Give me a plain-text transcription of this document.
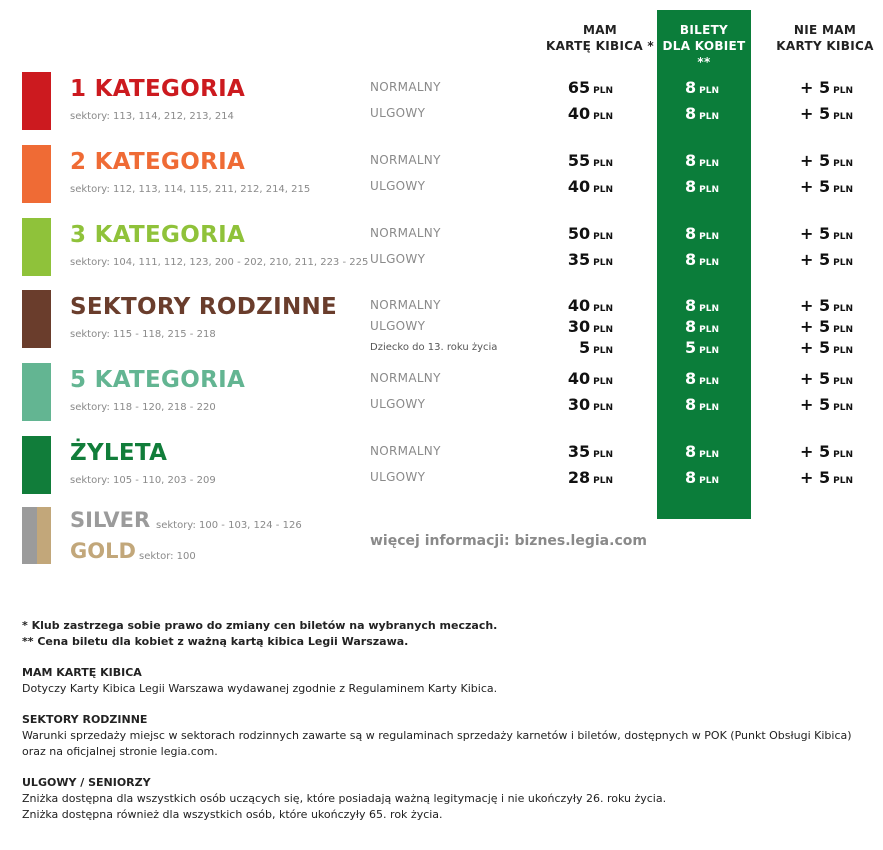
MAM
KARTĘ KIBICA *
BILETY
DLA KOBIET **
NIE MAM
KARTY KIBICA
1 KATEGORIA
sektory: 113, 114, 212, 213, 214
NORMALNY	65 PLN	8 PLN	+ 5 PLN
ULGOWY	40 PLN	8 PLN	+ 5 PLN
2 KATEGORIA
sektory: 112, 113, 114, 115, 211, 212, 214, 215
NORMALNY	55 PLN	8 PLN	+ 5 PLN
ULGOWY	40 PLN	8 PLN	+ 5 PLN
3 KATEGORIA
sektory: 104, 111, 112, 123, 200 - 202, 210, 211, 223 - 225
NORMALNY	50 PLN	8 PLN	+ 5 PLN
ULGOWY	35 PLN	8 PLN	+ 5 PLN
SEKTORY RODZINNE
sektory: 115 - 118, 215 - 218
NORMALNY	40 PLN	8 PLN	+ 5 PLN
ULGOWY	30 PLN	8 PLN	+ 5 PLN
Dziecko do 13. roku życia	5 PLN	5 PLN	+ 5 PLN
5 KATEGORIA
sektory: 118 - 120, 218 - 220
NORMALNY	40 PLN	8 PLN	+ 5 PLN
ULGOWY	30 PLN	8 PLN	+ 5 PLN
ŻYLETA
sektory: 105 - 110, 203 - 209
NORMALNY	35 PLN	8 PLN	+ 5 PLN
ULGOWY	28 PLN	8 PLN	+ 5 PLN
SILVER sektory: 100 - 103, 124 - 126
GOLD sektor: 100
więcej informacji: biznes.legia.com
* Klub zastrzega sobie prawo do zmiany cen biletów na wybranych meczach.
** Cena biletu dla kobiet z ważną kartą kibica Legii Warszawa.
MAM KARTĘ KIBICA
Dotyczy Karty Kibica Legii Warszawa wydawanej zgodnie z Regulaminem Karty Kibica.
SEKTORY RODZINNE
Warunki sprzedaży miejsc w sektorach rodzinnych zawarte są w regulaminach sprzedaży karnetów i biletów, dostępnych w POK (Punkt Obsługi Kibica)
oraz na oficjalnej stronie legia.com.
ULGOWY / SENIORZY
Zniżka dostępna dla wszystkich osób uczących się, które posiadają ważną legitymację i nie ukończyły 26. roku życia.
Zniżka dostępna również dla wszystkich osób, które ukończyły 65. rok życia.
